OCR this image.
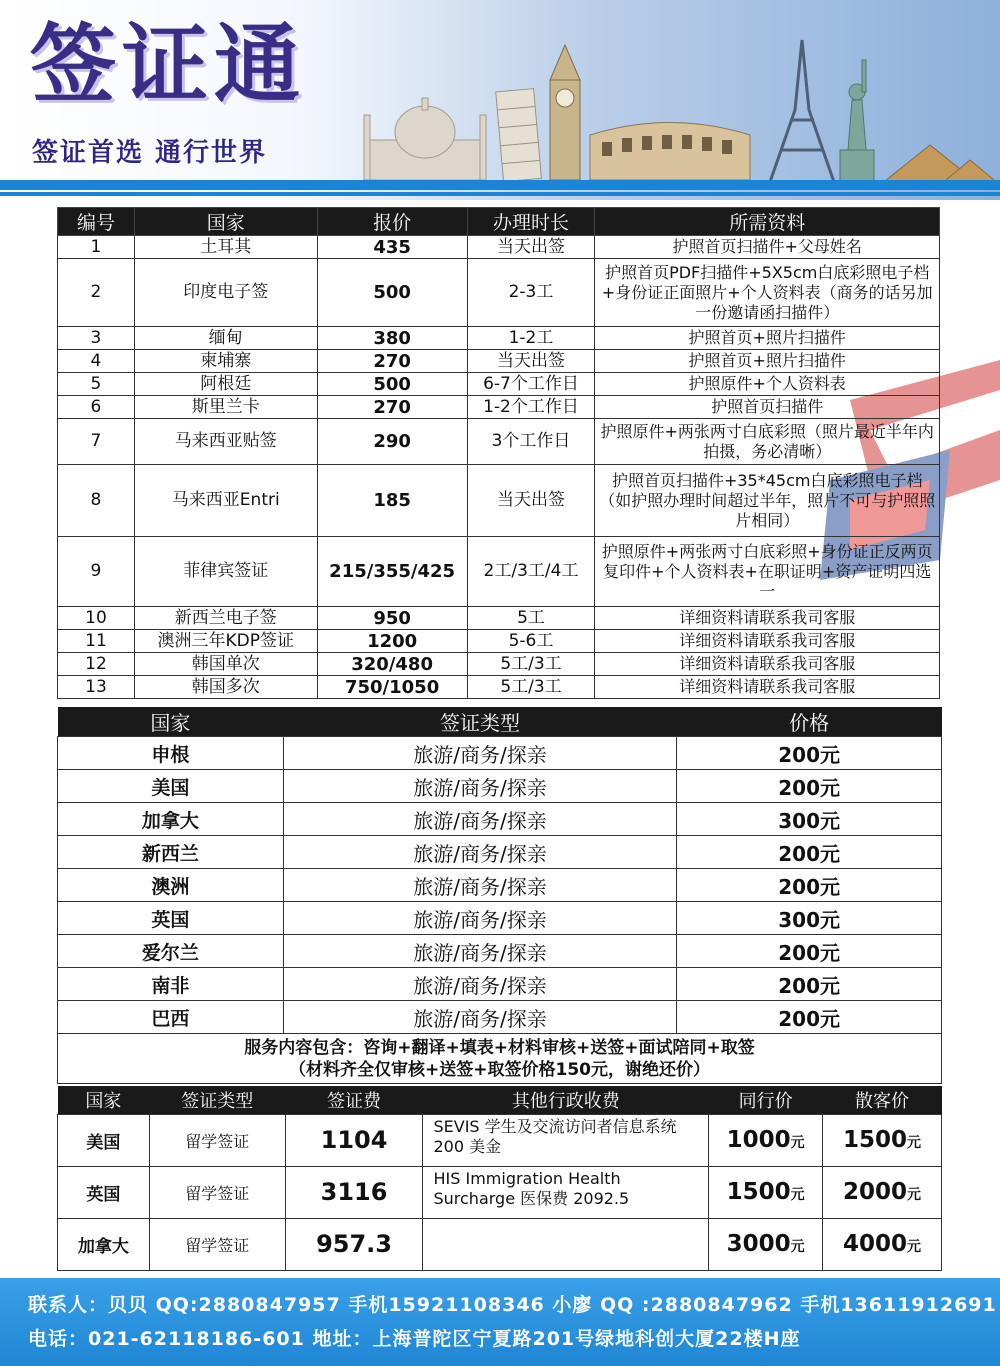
签证通
签证首选 通行世界
编号	国家	报价	办理时长	所需资料
1	土耳其	435	当天出签	护照首页扫描件+父母姓名
2	印度电子签	500	2-3工	护照首页PDF扫描件+5X5cm白底彩照电子档+身份证正面照片+个人资料表（商务的话另加一份邀请函扫描件）
3	缅甸	380	1-2工	护照首页+照片扫描件
4	柬埔寨	270	当天出签	护照首页+照片扫描件
5	阿根廷	500	6-7个工作日	护照原件+个人资料表
6	斯里兰卡	270	1-2个工作日	护照首页扫描件
7	马来西亚贴签	290	3个工作日	护照原件+两张两寸白底彩照（照片最近半年内拍摄，务必清晰）
8	马来西亚Entri	185	当天出签	护照首页扫描件+35*45cm白底彩照电子档（如护照办理时间超过半年，照片不可与护照照片相同）
9	菲律宾签证	215/355/425	2工/3工/4工	护照原件+两张两寸白底彩照+身份证正反两页复印件+个人资料表+在职证明+资产证明四选一
10	新西兰电子签	950	5工	详细资料请联系我司客服
11	澳洲三年KDP签证	1200	5-6工	详细资料请联系我司客服
12	韩国单次	320/480	5工/3工	详细资料请联系我司客服
13	韩国多次	750/1050	5工/3工	详细资料请联系我司客服
国家	签证类型	价格
申根	旅游/商务/探亲	200元
美国	旅游/商务/探亲	200元
加拿大	旅游/商务/探亲	300元
新西兰	旅游/商务/探亲	200元
澳洲	旅游/商务/探亲	200元
英国	旅游/商务/探亲	300元
爱尔兰	旅游/商务/探亲	200元
南非	旅游/商务/探亲	200元
巴西	旅游/商务/探亲	200元

服务内容包含：咨询+翻译+填表+材料审核+送签+面试陪同+取签
（材料齐全仅审核+送签+取签价格150元，谢绝还价）		
国家	签证类型	签证费	其他行政收费	同行价	散客价
美国	留学签证	1104	SEVIS 学生及交流访问者信息系统 200 美金	1000元	1500元
英国	留学签证	3116	HIS Immigration Health Surcharge 医保费 2092.5	1500元	2000元
加拿大	留学签证	957.3		3000元	4000元
联系人：贝贝 QQ:2880847957 手机15921108346 小廖 QQ :2880847962 手机13611912691
电话：021-62118186-601 地址：上海普陀区宁夏路201号绿地科创大厦22楼H座
